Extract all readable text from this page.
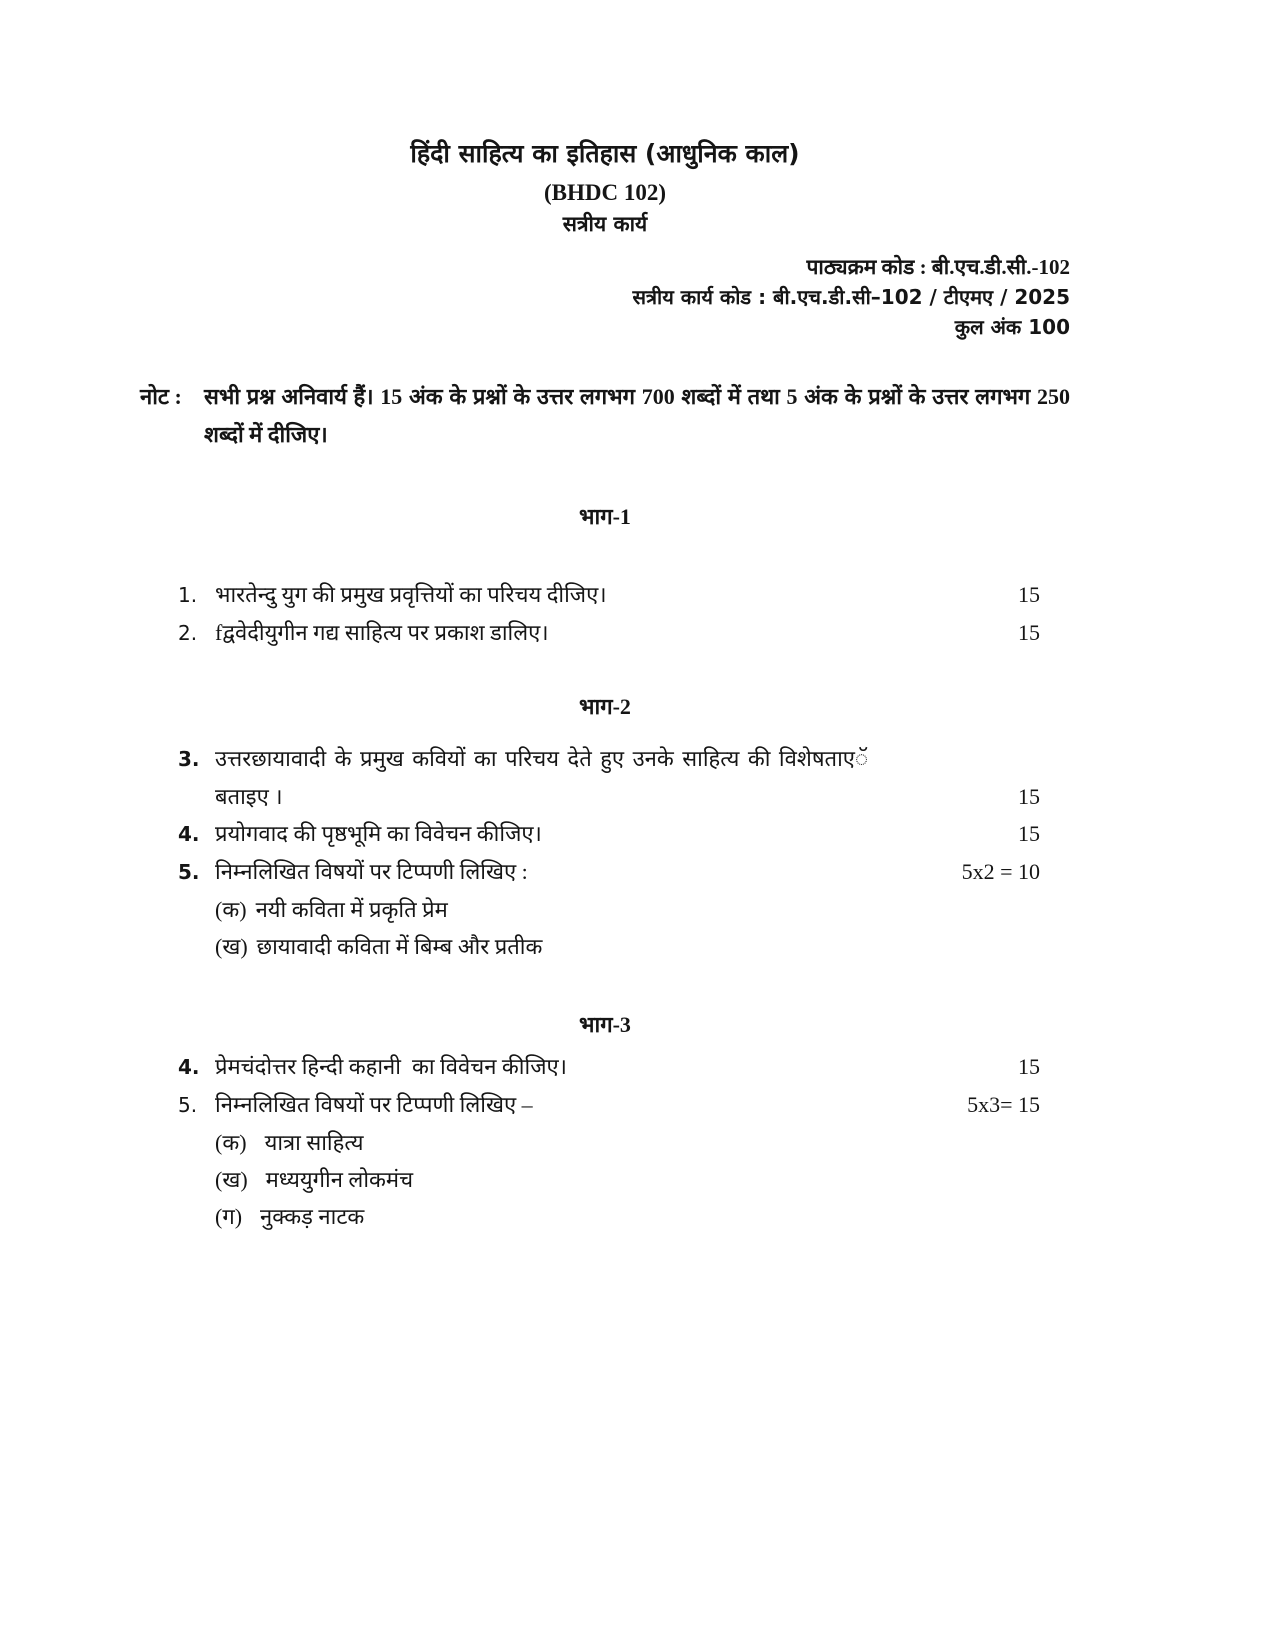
हिंदी साहित्य का इतिहास (आधुनिक काल)
(BHDC 102)
सत्रीय कार्य
पाठ्यक्रम कोड : बी.एच.डी.सी.-102
सत्रीय कार्य कोड : बी.एच.डी.सी–102 / टीएमए / 2025
कुल अंक 100
नोट :	सभी प्रश्न अनिवार्य हैं। 15 अंक के प्रश्नों के उत्तर लगभग 700 शब्दों में तथा 5 अंक के प्रश्नों के उत्तर लगभग 250 शब्दों में दीजिए।
भाग-1
1. भारतेन्दु युग की प्रमुख प्रवृत्तियों का परिचय दीजिए।	15
2. fद्ववेदीयुगीन गद्य साहित्य पर प्रकाश डालिए।	15
भाग-2
3. उत्तरछायावादी के प्रमुख कवियों का परिचय देते हुए उनके साहित्य की विशेषताएॅ
बताइए ।	15
4. प्रयोगवाद की पृष्ठभूमि का विवेचन कीजिए।	15
5. निम्नलिखित विषयों पर टिप्पणी लिखिए :	5x2 = 10
(क) नयी कविता में प्रकृति प्रेम
(ख) छायावादी कविता में बिम्ब और प्रतीक
भाग-3
4. प्रेमचंदोत्तर हिन्दी कहानी  का विवेचन कीजिए।	15
5. निम्नलिखित विषयों पर टिप्पणी लिखिए –	5x3= 15
(क) यात्रा साहित्य
(ख) मध्ययुगीन लोकमंच
(ग) नुक्कड़ नाटक
